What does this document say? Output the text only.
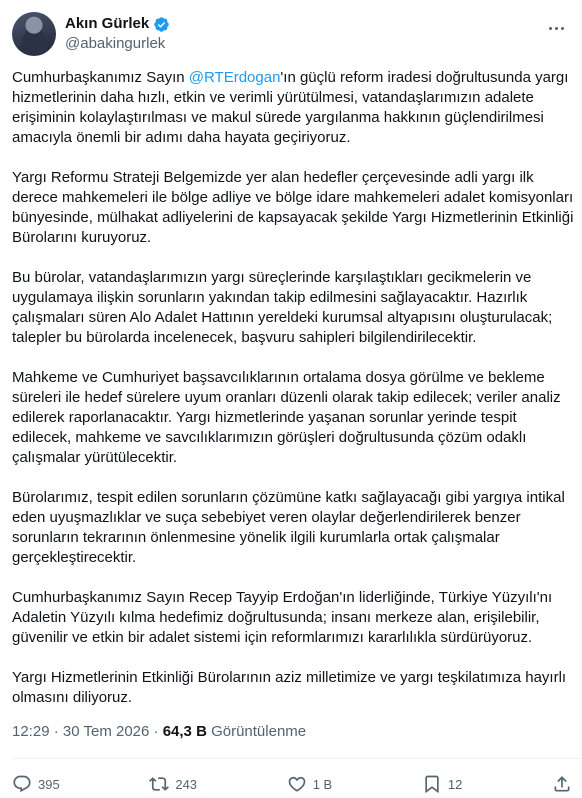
Akın Gürlek
@abakingurlek

Cumhurbaşkanımız Sayın @RTErdogan'ın güçlü reform iradesi doğrultusunda yargı hizmetlerinin daha hızlı, etkin ve verimli yürütülmesi, vatandaşlarımızın adalete erişiminin kolaylaştırılması ve makul sürede yargılanma hakkının güçlendirilmesi amacıyla önemli bir adımı daha hayata geçiriyoruz.

Yargı Reformu Strateji Belgemizde yer alan hedefler çerçevesinde adli yargı ilk derece mahkemeleri ile bölge adliye ve bölge idare mahkemeleri adalet komisyonları bünyesinde, mülhakat adliyelerini de kapsayacak şekilde Yargı Hizmetlerinin Etkinliği Bürolarını kuruyoruz.

Bu bürolar, vatandaşlarımızın yargı süreçlerinde karşılaştıkları gecikmelerin ve uygulamaya ilişkin sorunların yakından takip edilmesini sağlayacaktır. Hazırlık çalışmaları süren Alo Adalet Hattının yereldeki kurumsal altyapısını oluşturulacak; talepler bu bürolarda incelenecek, başvuru sahipleri bilgilendirilecektir.

Mahkeme ve Cumhuriyet başsavcılıklarının ortalama dosya görülme ve bekleme süreleri ile hedef sürelere uyum oranları düzenli olarak takip edilecek; veriler analiz edilerek raporlanacaktır. Yargı hizmetlerinde yaşanan sorunlar yerinde tespit edilecek, mahkeme ve savcılıklarımızın görüşleri doğrultusunda çözüm odaklı çalışmalar yürütülecektir.

Bürolarımız, tespit edilen sorunların çözümüne katkı sağlayacağı gibi yargıya intikal eden uyuşmazlıklar ve suça sebebiyet veren olaylar değerlendirilerek benzer sorunların tekrarının önlenmesine yönelik ilgili kurumlarla ortak çalışmalar gerçekleştirecektir.

Cumhurbaşkanımız Sayın Recep Tayyip Erdoğan'ın liderliğinde, Türkiye Yüzyılı'nı Adaletin Yüzyılı kılma hedefimiz doğrultusunda; insanı merkeze alan, erişilebilir, güvenilir ve etkin bir adalet sistemi için reformlarımızı kararlılıkla sürdürüyoruz.

Yargı Hizmetlerinin Etkinliği Bürolarının aziz milletimize ve yargı teşkilatımıza hayırlı olmasını diliyoruz.

12:29 · 30 Tem 2026 · 64,3 B Görüntülenme
395	243	1 B	12
